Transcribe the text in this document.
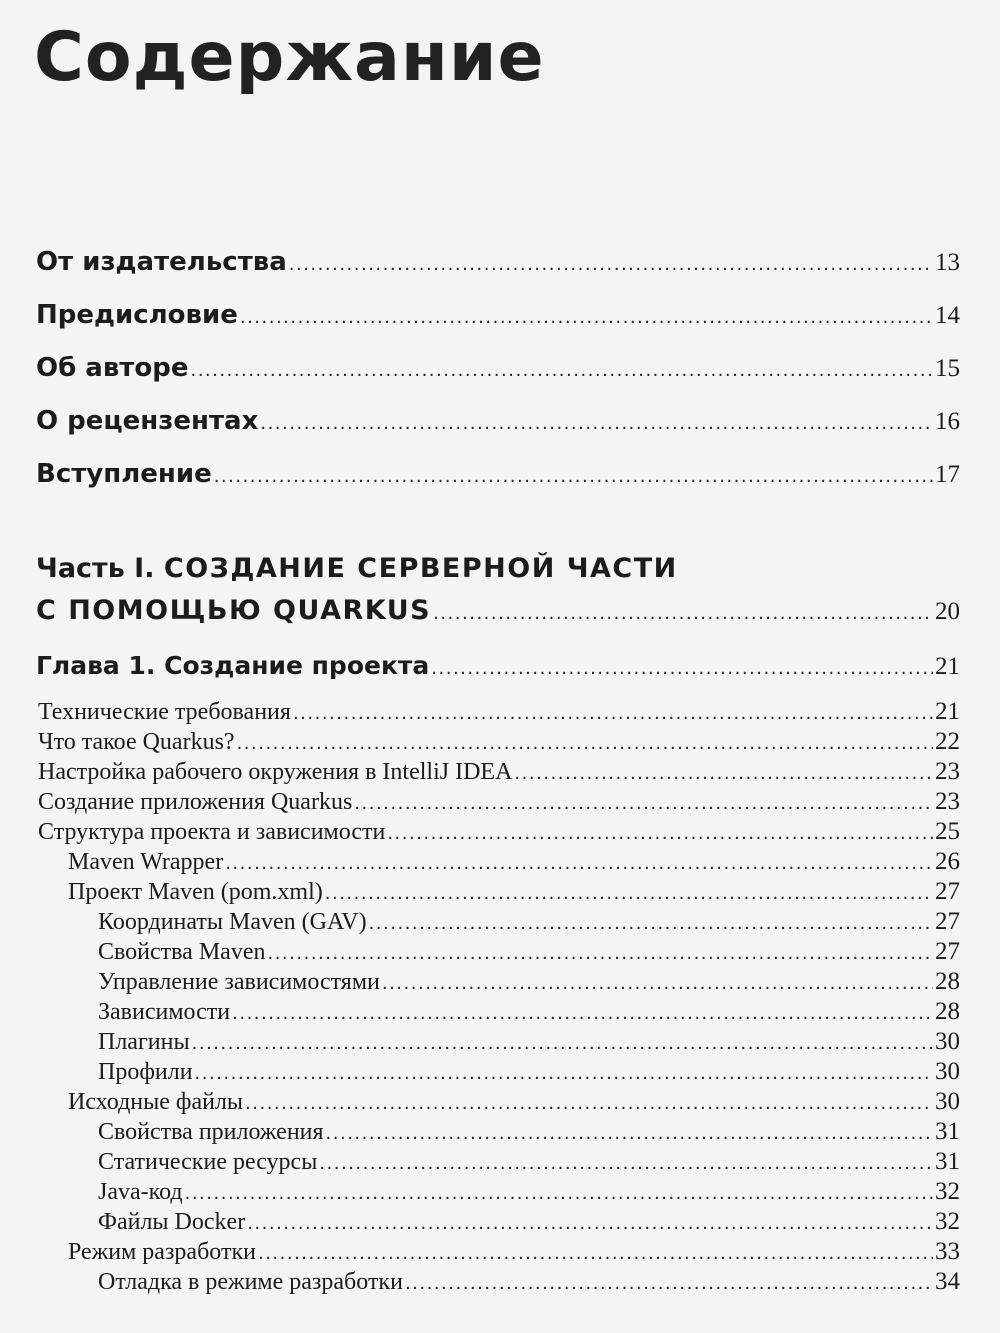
Содержание
От издательства .....	13
Предисловие .....	14
Об авторе .....	15
О рецензентах .....	16
Вступление .....	17
Часть I. СОЗДАНИЕ СЕРВЕРНОЙ ЧАСТИ
С ПОМОЩЬЮ QUARKUS .....	20
Глава 1. Создание проекта .....	21
Технические требования .....	21
Что такое Quarkus? .....	22
Настройка рабочего окружения в IntelliJ IDEA .....	23
Создание приложения Quarkus .....	23
Структура проекта и зависимости .....	25
Maven Wrapper .....	26
Проект Maven (pom.xml) .....	27
Координаты Maven (GAV) .....	27
Свойства Maven .....	27
Управление зависимостями .....	28
Зависимости .....	28
Плагины .....	30
Профили .....	30
Исходные файлы .....	30
Свойства приложения .....	31
Статические ресурсы .....	31
Java-код .....	32
Файлы Docker .....	32
Режим разработки .....	33
Отладка в режиме разработки .....	34
